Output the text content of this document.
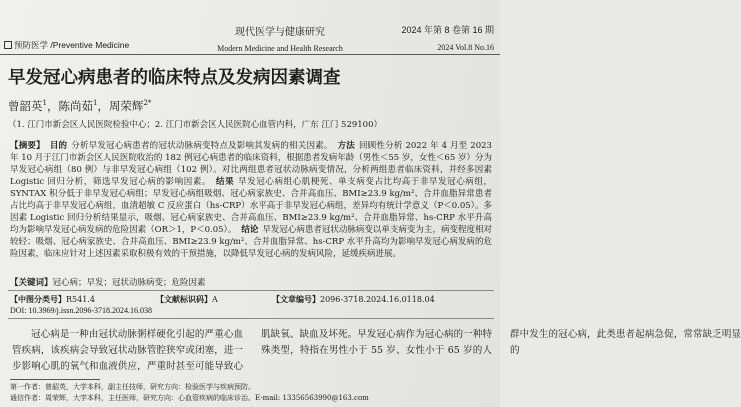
预防医学 /Preventive Medicine
现代医学与健康研究
Modern Medicine and Health Research
2024 年第 8 卷第 16 期
2024 Vol.8 No.16
早发冠心病患者的临床特点及发病因素调查
曾韶英$^1$，陈尚茹$^1$，周荣辉$^{2*}$
（1. 江门市新会区人民医院检验中心；2. 江门市新会区人民医院心血管内科，广东 江门 529100）

【摘要】 目的 分析早发冠心病患者的冠状动脉病变特点及影响其发病的相关因素。 方法 回顾性分析 2022 年 4 月至 2023 年 10 月于江门市新会区人民医院收治的 182 例冠心病患者的临床资料，根据患者发病年龄（男性＜55 岁，女性＜65 岁）分为早发冠心病组（80 例）与非早发冠心病组（102 例）。对比两组患者冠状动脉病变情况，分析两组患者临床资料，并经多因素 Logistic 回归分析，筛选早发冠心病的影响因素。 结果 早发冠心病组心肌梗死、单支病变占比均高于非早发冠心病组，SYNTAX 积分低于非早发冠心病组；早发冠心病组吸烟、冠心病家族史、合并高血压、BMI≥23.9 kg/m²、合并血脂异常患者占比均高于非早发冠心病组，血清超敏 C 反应蛋白（hs-CRP）水平高于非早发冠心病组，差异均有统计学意义（P＜0.05）。多因素 Logistic 回归分析结果显示，吸烟、冠心病家族史、合并高血压、BMI≥23.9 kg/m²、合并血脂异常、hs-CRP 水平升高均为影响早发冠心病发病的危险因素（OR＞1，P＜0.05）。 结论 早发冠心病患者冠状动脉病变以单支病变为主，病变程度相对较轻；吸烟、冠心病家族史、合并高血压、BMI≥23.9 kg/m²、合并血脂异常、hs-CRP 水平升高均为影响早发冠心病发病的危险因素，临床应针对上述因素采取积极有效的干预措施，以降低早发冠心病的发病风险，延缓疾病进展。

【关键词】冠心病；早发；冠状动脉病变；危险因素
【中图分类号】R541.4	【文献标识码】A	【文章编号】2096-3718.2024.16.0118.04
DOI: 10.3969/j.issn.2096-3718.2024.16.038

冠心病是一种由冠状动脉粥样硬化引起的严重心血管疾病，该疾病会导致冠状动脉管腔狭窄或闭塞，进一步影响心肌的氧气和血液供应，严重时甚至可能导致心肌缺氧、缺血及坏死。早发冠心病作为冠心病的一种特殊类型，特指在男性小于 55 岁、女性小于 65 岁的人群中发生的冠心病，此类患者起病急促，常常缺乏明显的

第一作者：曾韶英，大学本科，副主任技师，研究方向：检验医学与疾病预防。
通信作者：周荣辉，大学本科，主任医师，研究方向：心血管疾病的临床诊治。E-mail: 13356563990@163.com
